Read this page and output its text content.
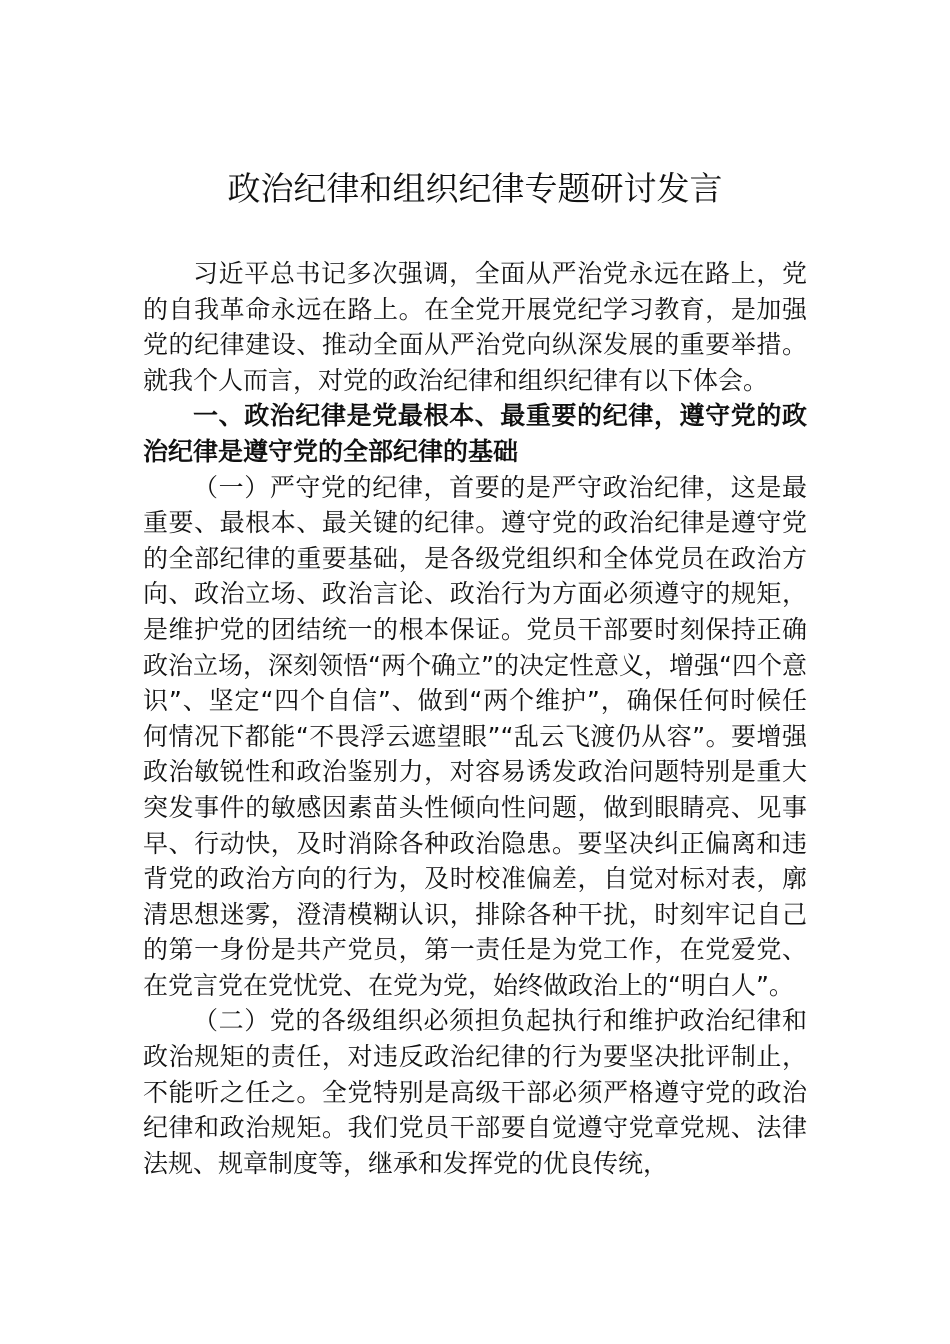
政治纪律和组织纪律专题研讨发言

习近平总书记多次强调，全面从严治党永远在路上，党的自我革命永远在路上。在全党开展党纪学习教育，是加强党的纪律建设、推动全面从严治党向纵深发展的重要举措。就我个人而言，对党的政治纪律和组织纪律有以下体会。

一、政治纪律是党最根本、最重要的纪律，遵守党的政治纪律是遵守党的全部纪律的基础

（一）严守党的纪律，首要的是严守政治纪律，这是最重要、最根本、最关键的纪律。遵守党的政治纪律是遵守党的全部纪律的重要基础，是各级党组织和全体党员在政治方向、政治立场、政治言论、政治行为方面必须遵守的规矩，是维护党的团结统一的根本保证。党员干部要时刻保持正确政治立场，深刻领悟“两个确立”的决定性意义，增强“四个意识”、坚定“四个自信”、做到“两个维护”，确保任何时候任何情况下都能“不畏浮云遮望眼”“乱云飞渡仍从容”。要增强政治敏锐性和政治鉴别力，对容易诱发政治问题特别是重大突发事件的敏感因素苗头性倾向性问题，做到眼睛亮、见事早、行动快，及时消除各种政治隐患。要坚决纠正偏离和违背党的政治方向的行为，及时校准偏差，自觉对标对表，廓清思想迷雾，澄清模糊认识，排除各种干扰，时刻牢记自己的第一身份是共产党员，第一责任是为党工作，在党爱党、在党言党在党忧党、在党为党，始终做政治上的“明白人”。

（二）党的各级组织必须担负起执行和维护政治纪律和政治规矩的责任，对违反政治纪律的行为要坚决批评制止，不能听之任之。全党特别是高级干部必须严格遵守党的政治纪律和政治规矩。我们党员干部要自觉遵守党章党规、法律法规、规章制度等，继承和发挥党的优良传统，
